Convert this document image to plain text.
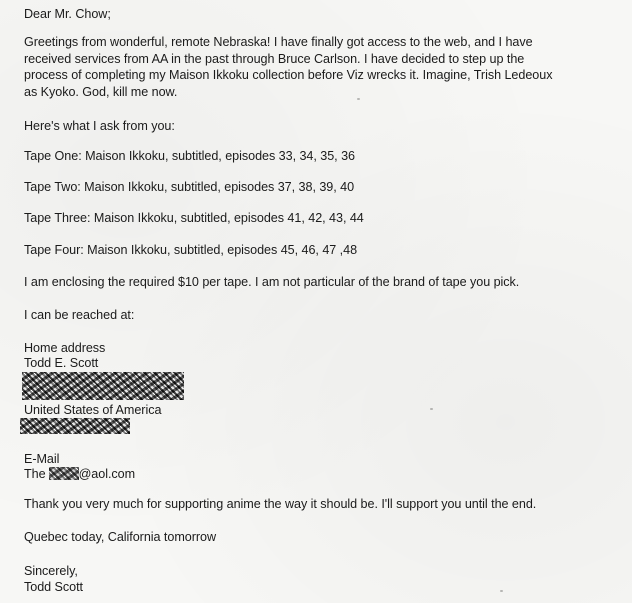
Dear Mr. Chow;
Greetings from wonderful, remote Nebraska! I have finally got access to the web, and I have
received services from AA in the past through Bruce Carlson. I have decided to step up the
process of completing my Maison Ikkoku collection before Viz wrecks it. Imagine, Trish Ledeoux
as Kyoko. God, kill me now.
Here's what I ask from you:
Tape One: Maison Ikkoku, subtitled, episodes 33, 34, 35, 36
Tape Two: Maison Ikkoku, subtitled, episodes 37, 38, 39, 40
Tape Three: Maison Ikkoku, subtitled, episodes 41, 42, 43, 44
Tape Four: Maison Ikkoku, subtitled, episodes 45, 46, 47 ,48
I am enclosing the required $10 per tape. I am not particular of the brand of tape you pick.
I can be reached at:
Home address
Todd E. Scott
United States of America
E-Mail
The	@aol.com
Thank you very much for supporting anime the way it should be. I'll support you until the end.
Quebec today, California tomorrow
Sincerely,
Todd Scott
